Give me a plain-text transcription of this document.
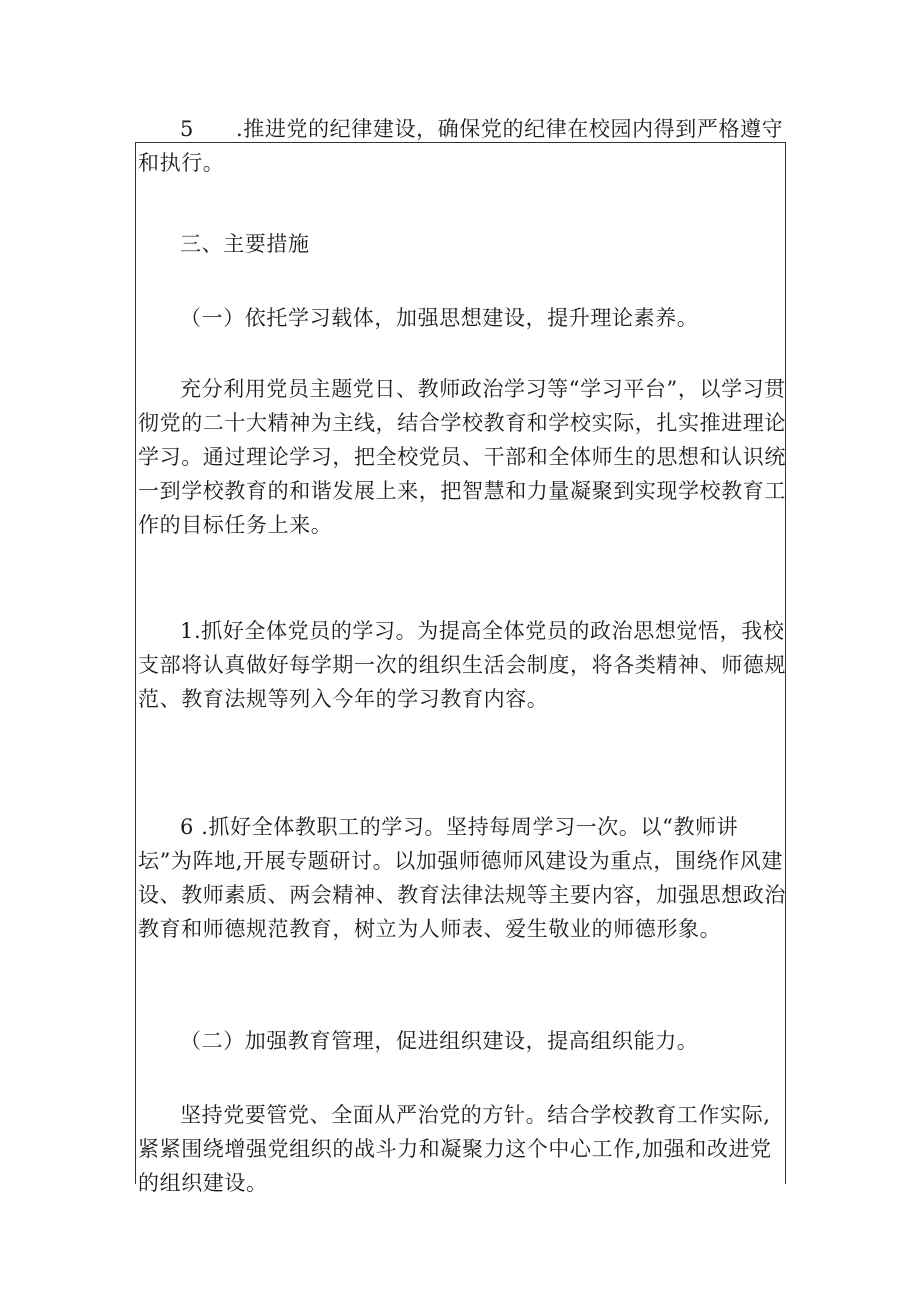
5 .推进党的纪律建设，确保党的纪律在校园内得到严格遵守和执行。

三、主要措施

（一）依托学习载体，加强思想建设，提升理论素养。

充分利用党员主题党日、教师政治学习等“学习平台”，以学习贯彻党的二十大精神为主线，结合学校教育和学校实际，扎实推进理论学习。通过理论学习，把全校党员、干部和全体师生的思想和认识统一到学校教育的和谐发展上来，把智慧和力量凝聚到实现学校教育工作的目标任务上来。

1.抓好全体党员的学习。为提高全体党员的政治思想觉悟，我校支部将认真做好每学期一次的组织生活会制度，将各类精神、师德规范、教育法规等列入今年的学习教育内容。

6 .抓好全体教职工的学习。坚持每周学习一次。以“教师讲坛”为阵地,开展专题研讨。以加强师德师风建设为重点，围绕作风建设、教师素质、两会精神、教育法律法规等主要内容，加强思想政治教育和师德规范教育，树立为人师表、爱生敬业的师德形象。

（二）加强教育管理，促进组织建设，提高组织能力。

坚持党要管党、全面从严治党的方针。结合学校教育工作实际,紧紧围绕增强党组织的战斗力和凝聚力这个中心工作,加强和改进党的组织建设。
